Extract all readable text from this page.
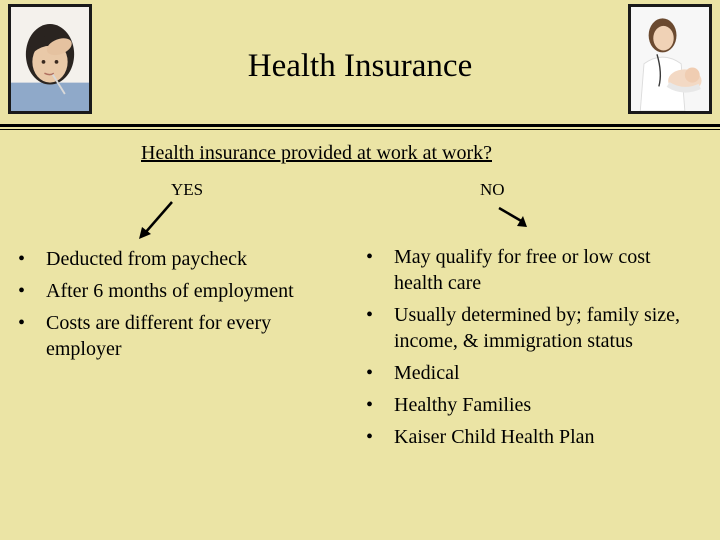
Health Insurance
Health insurance provided at work at work?
YES	NO
• Deducted from paycheck
• After 6 months of employment
• Costs are different for every employer
• May qualify for free or low cost health care
• Usually determined by; family size, income, & immigration status
• Medical
• Healthy Families
• Kaiser Child Health Plan
